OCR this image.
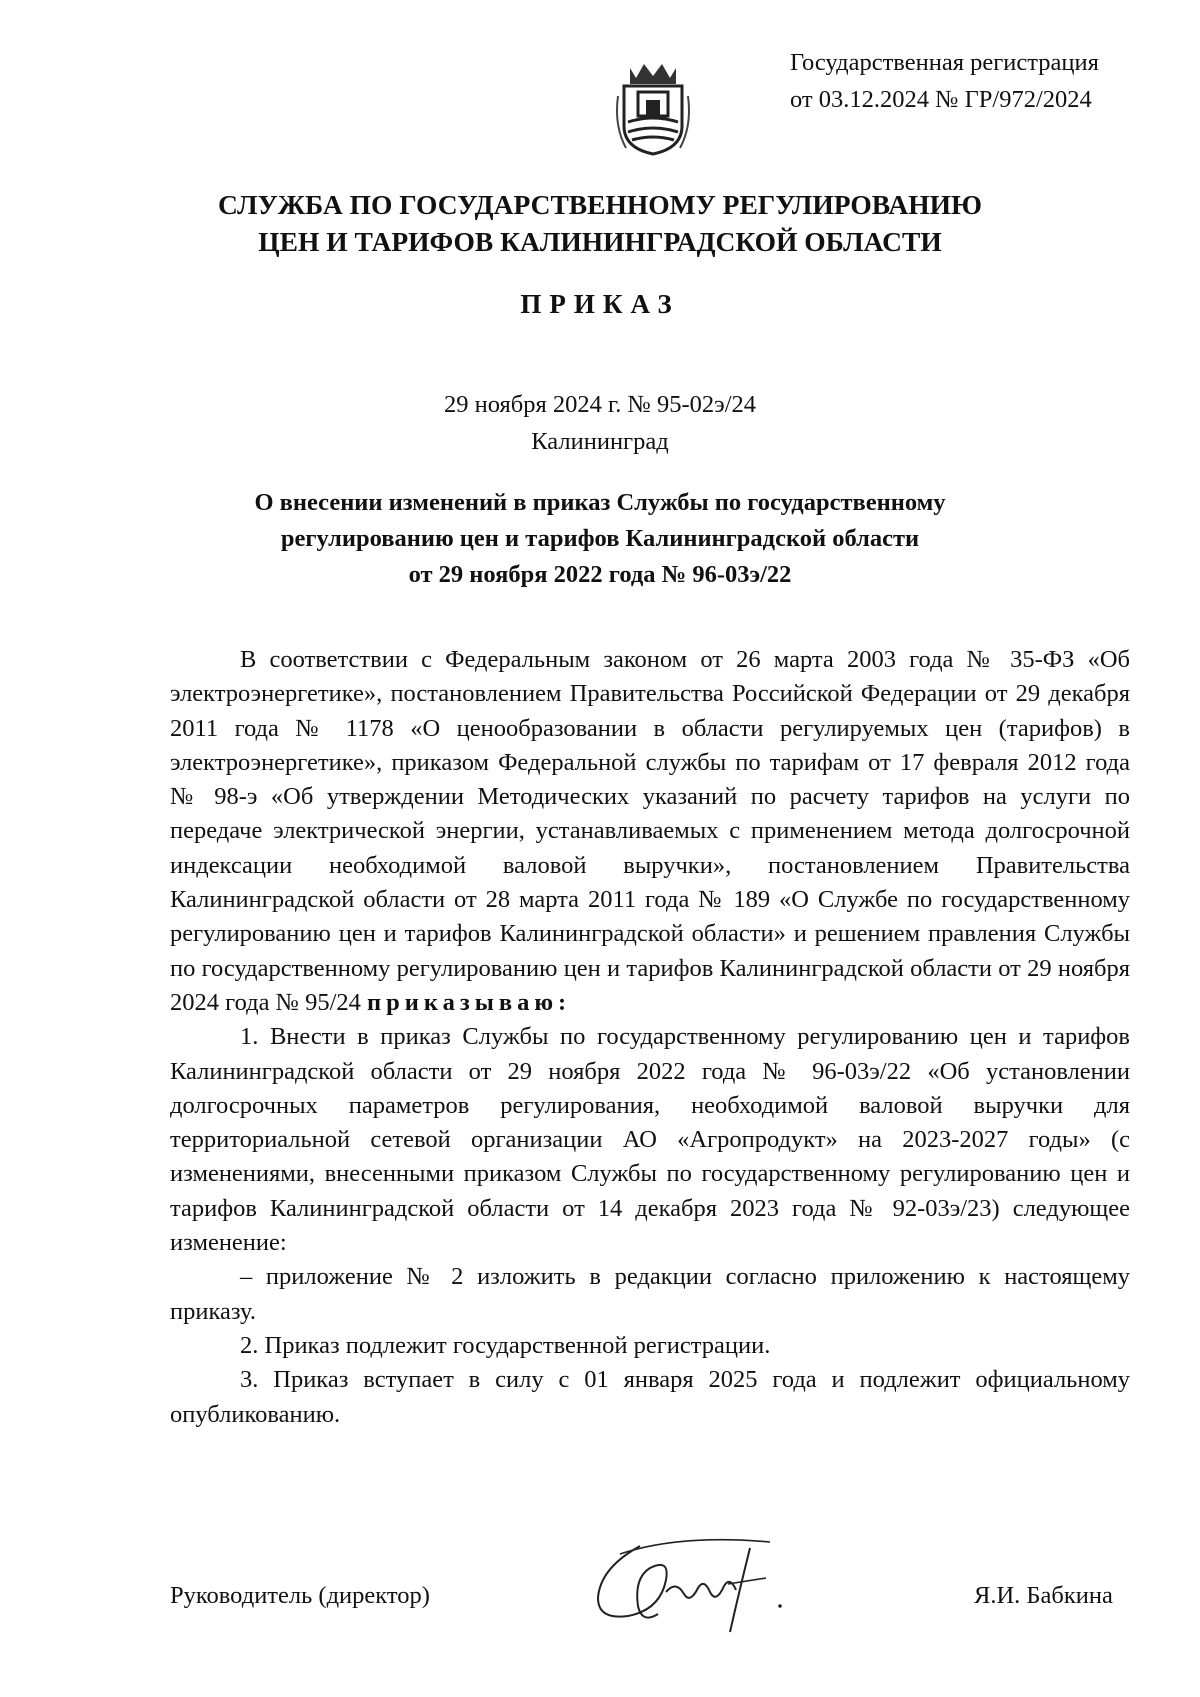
Государственная регистрация
от 03.12.2024 № ГР/972/2024
СЛУЖБА ПО ГОСУДАРСТВЕННОМУ РЕГУЛИРОВАНИЮ
ЦЕН И ТАРИФОВ КАЛИНИНГРАДСКОЙ ОБЛАСТИ
ПРИКАЗ
29 ноября 2024 г. № 95-02э/24
Калининград
О внесении изменений в приказ Службы по государственному
регулированию цен и тарифов Калининградской области
от 29 ноября 2022 года № 96-03э/22

В соответствии с Федеральным законом от 26 марта 2003 года № 35-ФЗ «Об электроэнергетике», постановлением Правительства Российской Федерации от 29 декабря 2011 года № 1178 «О ценообразовании в области регулируемых цен (тарифов) в электроэнергетике», приказом Федеральной службы по тарифам от 17 февраля 2012 года № 98-э «Об утверждении Методических указаний по расчету тарифов на услуги по передаче электрической энергии, устанавливаемых с применением метода долгосрочной индексации необходимой валовой выручки», постановлением Правительства Калининградской области от 28 марта 2011 года № 189 «О Службе по государственному регулированию цен и тарифов Калининградской области» и решением правления Службы по государственному регулированию цен и тарифов Калининградской области от 29 ноября 2024 года № 95/24 приказываю:

1. Внести в приказ Службы по государственному регулированию цен и тарифов Калининградской области от 29 ноября 2022 года № 96-03э/22 «Об установлении долгосрочных параметров регулирования, необходимой валовой выручки для территориальной сетевой организации АО «Агропродукт» на 2023-2027 годы» (с изменениями, внесенными приказом Службы по государственному регулированию цен и тарифов Калининградской области от 14 декабря 2023 года № 92-03э/23) следующее изменение:

– приложение № 2 изложить в редакции согласно приложению к настоящему приказу.

2. Приказ подлежит государственной регистрации.

3. Приказ вступает в силу с 01 января 2025 года и подлежит официальному опубликованию.

Руководитель (директор)	Я.И. Бабкина
